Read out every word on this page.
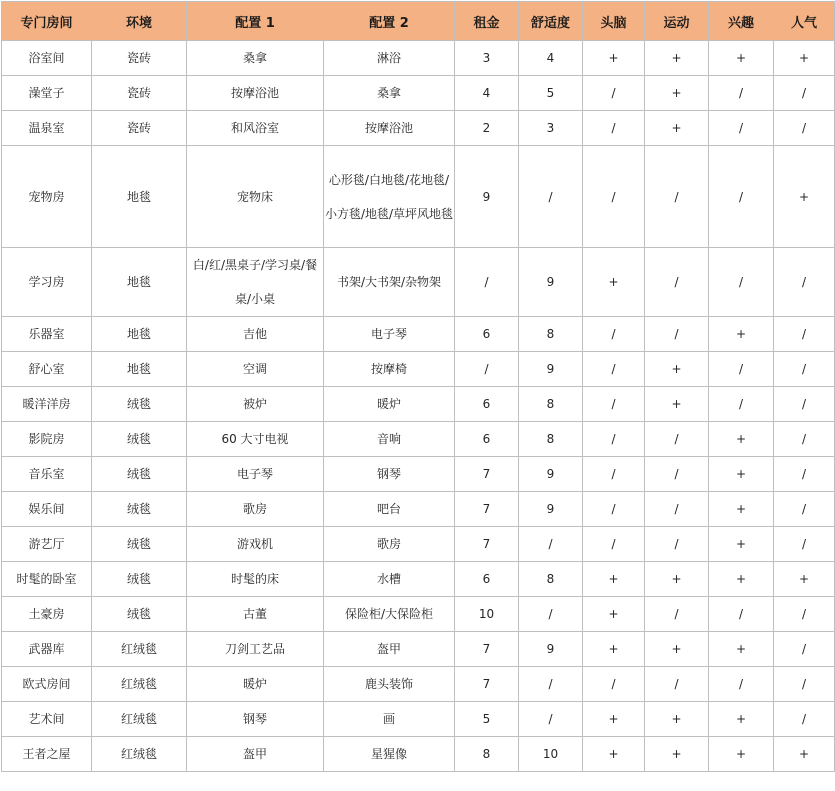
专门房间	环境	配置 1	配置 2	租金	舒适度	头脑	运动	兴趣	人气
浴室间	瓷砖	桑拿	淋浴	3	4	+	+	+	+
澡堂子	瓷砖	按摩浴池	桑拿	4	5	/	+	/	/
温泉室	瓷砖	和风浴室	按摩浴池	2	3	/	+	/	/
宠物房	地毯	宠物床	心形毯/白地毯/花地毯/小方毯/地毯/草坪风地毯	9	/	/	/	/	+
学习房	地毯	白/红/黑桌子/学习桌/餐桌/小桌	书架/大书架/杂物架	/	9	+	/	/	/
乐器室	地毯	吉他	电子琴	6	8	/	/	+	/
舒心室	地毯	空调	按摩椅	/	9	/	+	/	/
暖洋洋房	绒毯	被炉	暖炉	6	8	/	+	/	/
影院房	绒毯	60 大寸电视	音响	6	8	/	/	+	/
音乐室	绒毯	电子琴	钢琴	7	9	/	/	+	/
娱乐间	绒毯	歌房	吧台	7	9	/	/	+	/
游艺厅	绒毯	游戏机	歌房	7	/	/	/	+	/
时髦的卧室	绒毯	时髦的床	水槽	6	8	+	+	+	+
土豪房	绒毯	古董	保险柜/大保险柜	10	/	+	/	/	/
武器库	红绒毯	刀剑工艺品	盔甲	7	9	+	+	+	/
欧式房间	红绒毯	暖炉	鹿头装饰	7	/	/	/	/	/
艺术间	红绒毯	钢琴	画	5	/	+	+	+	/
王者之屋	红绒毯	盔甲	星猩像	8	10	+	+	+	+
